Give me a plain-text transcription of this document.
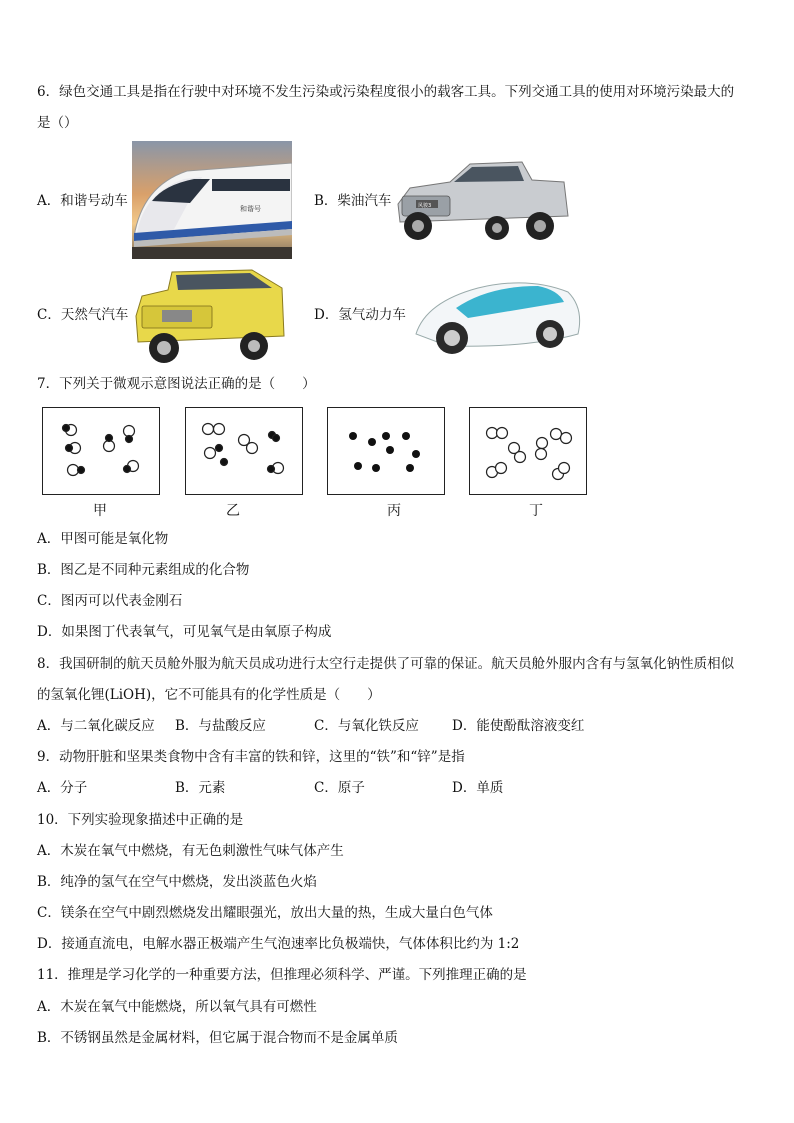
6．绿色交通工具是指在行驶中对环境不发生污染或污染程度很小的载客工具。下列交通工具的使用对环境污染最大的
是（）
A．和谐号动车	和谐号	B．柴油汽车	风骏3
C．天然气汽车	D．氢气动力车
7．下列关于微观示意图说法正确的是（　　）
甲	乙	丙	丁
A．甲图可能是氧化物
B．图乙是不同种元素组成的化合物
C．图丙可以代表金刚石
D．如果图丁代表氧气，可见氧气是由氧原子构成
8．我国研制的航天员舱外服为航天员成功进行太空行走提供了可靠的保证。航天员舱外服内含有与氢氧化钠性质相似
的氢氧化锂(LiOH)，它不可能具有的化学性质是（　　）
A．与二氧化碳反应 B．与盐酸反应	C．与氧化铁反应 D．能使酚酞溶液变红
9．动物肝脏和坚果类食物中含有丰富的铁和锌，这里的“铁”和“锌”是指
A．分子	B．元素	C．原子	D．单质
10．下列实验现象描述中正确的是
A．木炭在氧气中燃烧，有无色刺激性气味气体产生
B．纯净的氢气在空气中燃烧，发出淡蓝色火焰
C．镁条在空气中剧烈燃烧发出耀眼强光，放出大量的热，生成大量白色气体
D．接通直流电，电解水器正极端产生气泡速率比负极端快，气体体积比约为 1:2
11．推理是学习化学的一种重要方法，但推理必须科学、严谨。下列推理正确的是
A．木炭在氧气中能燃烧，所以氧气具有可燃性
B．不锈钢虽然是金属材料，但它属于混合物而不是金属单质
